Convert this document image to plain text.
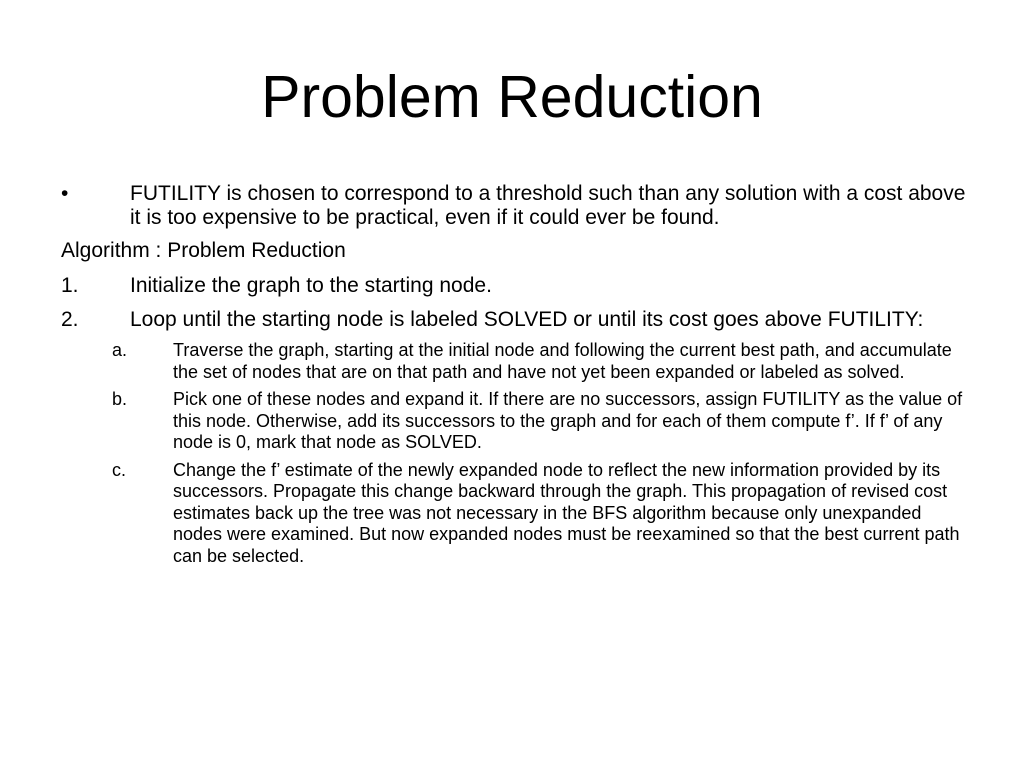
Problem Reduction
•	FUTILITY is chosen to correspond to a threshold such than any solution with a cost above it is too expensive to be practical, even if it could ever be found.
Algorithm : Problem Reduction
1. Initialize the graph to the starting node.
2. Loop until the starting node is labeled SOLVED or until its cost goes above FUTILITY:
a.	Traverse the graph, starting at the initial node and following the current best path, and accumulate the set of nodes that are on that path and have not yet been expanded or labeled as solved.
b.	Pick one of these nodes and expand it. If there are no successors, assign FUTILITY as the value of this node. Otherwise, add its successors to the graph and for each of them compute f’. If f’ of any node is 0, mark that node as SOLVED.
c.	Change the f’ estimate of the newly expanded node to reflect the new information provided by its successors. Propagate this change backward through the graph. This propagation of revised cost estimates back up the tree was not necessary in the BFS algorithm because only unexpanded nodes were examined. But now expanded nodes must be reexamined so that the best current path can be selected.
